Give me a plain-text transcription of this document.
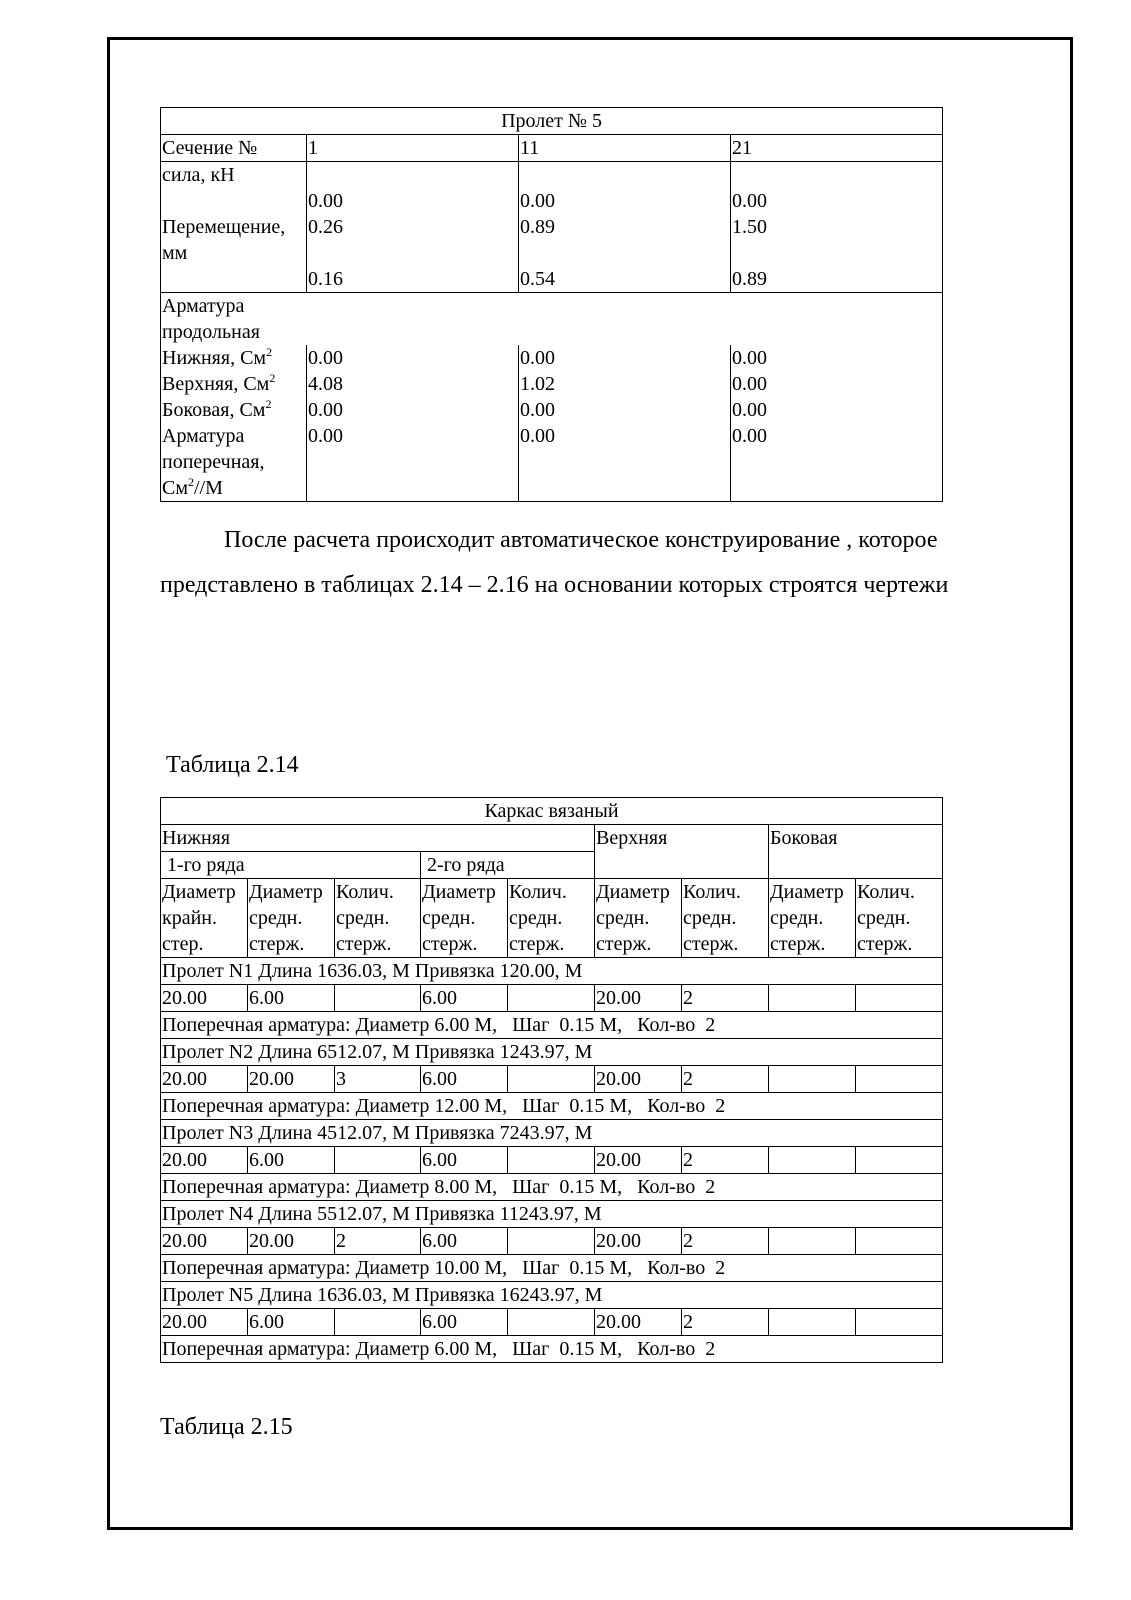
Пролет № 5			
Сечение №	1	11	21
сила, кН			
	0.00	0.00	0.00
Перемещение, мм	0.26	0.89	1.50
	0.16	0.54	0.89
Арматура продольная			
Нижняя, $См^2$	0.00	0.00	0.00
Верхняя, $См^2$	4.08	1.02	0.00
Боковая, $См^2$	0.00	0.00	0.00
Арматура
поперечная,
$См^2//М$	0.00	0.00	0.00
После расчета происходит автоматическое конструирование , которое представлено в таблицах 2.14 – 2.16 на основании которых строятся чертежи
Таблица 2.14
Каркас вязаный								
Нижняя					Верхняя		Боковая	
1-го ряда			2-го ряда					
Диаметр
крайн.
стер.	Диаметр
средн.
стерж.	Колич.
средн.
стерж.	Диаметр
средн.
стерж.	Колич.
средн.
стерж.	Диаметр
средн.
стерж.	Колич.
средн.
стерж.	Диаметр
средн.
стерж.	Колич.
средн.
стерж.
Пролет N1 Длина 1636.03, М Привязка 120.00, М								
20.00	6.00		6.00		20.00	2		
Поперечная арматура: Диаметр 6.00 М,   Шаг  0.15 М,   Кол-во  2								
Пролет N2 Длина 6512.07, М Привязка 1243.97, М								
20.00	20.00	3	6.00		20.00	2		
Поперечная арматура: Диаметр 12.00 М,   Шаг  0.15 М,   Кол-во  2								
Пролет N3 Длина 4512.07, М Привязка 7243.97, М								
20.00	6.00		6.00		20.00	2		
Поперечная арматура: Диаметр 8.00 М,   Шаг  0.15 М,   Кол-во  2								
Пролет N4 Длина 5512.07, М Привязка 11243.97, М								
20.00	20.00	2	6.00		20.00	2		
Поперечная арматура: Диаметр 10.00 М,   Шаг  0.15 М,   Кол-во  2								
Пролет N5 Длина 1636.03, М Привязка 16243.97, М								
20.00	6.00		6.00		20.00	2		
Поперечная арматура: Диаметр 6.00 М,   Шаг  0.15 М,   Кол-во  2								
Таблица 2.15
